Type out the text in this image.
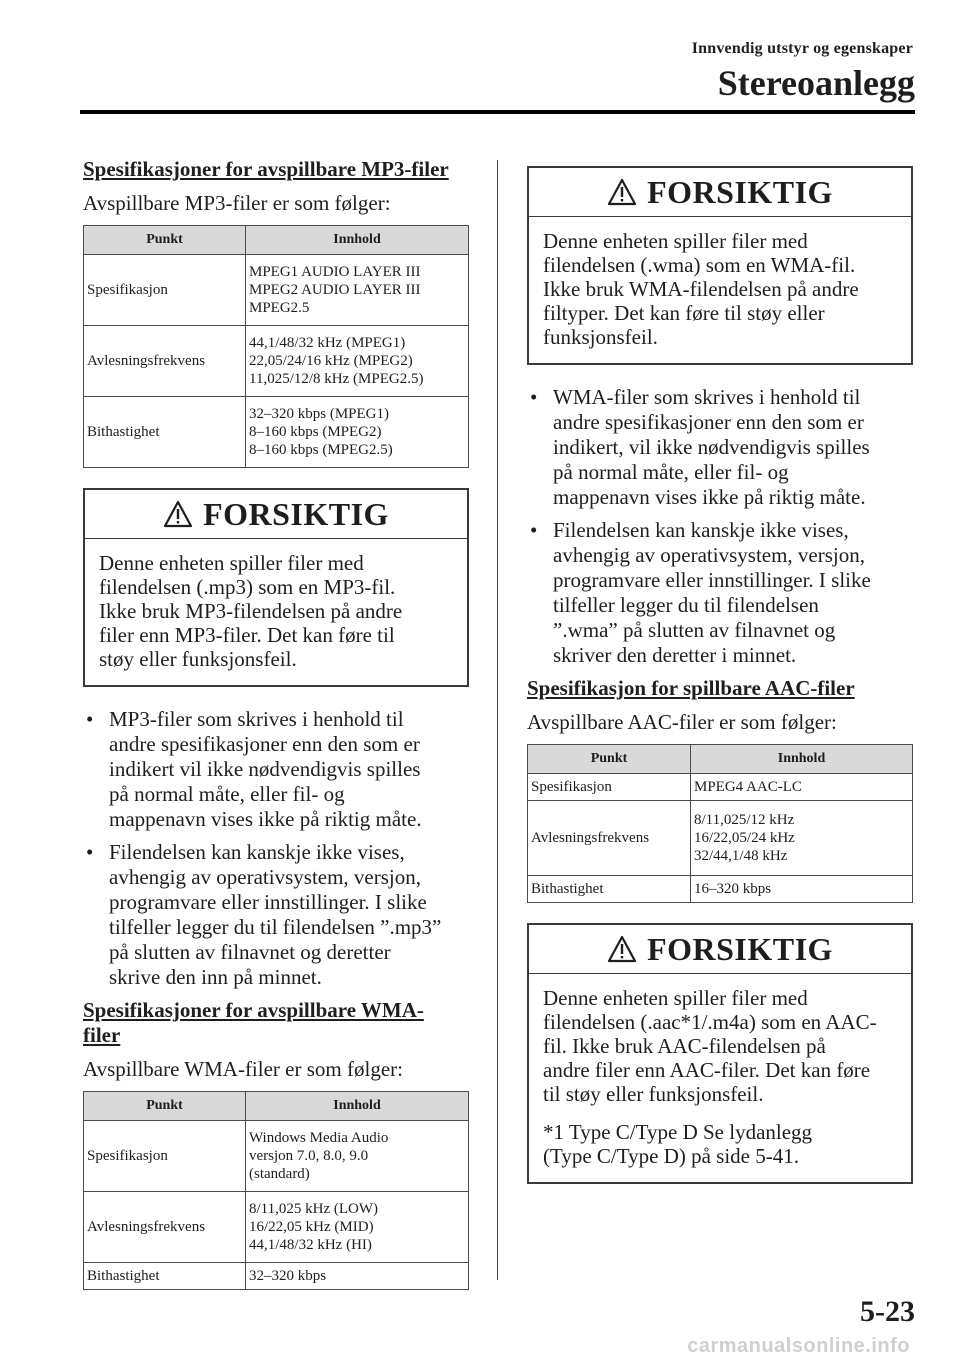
Innvendig utstyr og egenskaper
Stereoanlegg
Spesifikasjoner for avspillbare MP3-filer
Avspillbare MP3-filer er som følger:
Punkt	Innhold
Spesifikasjon	MPEG1 AUDIO LAYER III
MPEG2 AUDIO LAYER III
MPEG2.5

Avlesningsfrekvens	44,1/48/32 kHz (MPEG1)
22,05/24/16 kHz (MPEG2)
11,025/12/8 kHz (MPEG2.5)

Bithastighet	32–320 kbps (MPEG1)
8–160 kbps (MPEG2)
8–160 kbps (MPEG2.5)
FORSIKTIG
Denne enheten spiller filer med
filendelsen (.mp3) som en MP3-fil.
Ikke bruk MP3-filendelsen på andre
filer enn MP3-filer. Det kan føre til
støy eller funksjonsfeil.
• MP3-filer som skrives i henhold til
andre spesifikasjoner enn den som er
indikert vil ikke nødvendigvis spilles
på normal måte, eller fil- og
mappenavn vises ikke på riktig måte.
• Filendelsen kan kanskje ikke vises,
avhengig av operativsystem, versjon,
programvare eller innstillinger. I slike
tilfeller legger du til filendelsen ”.mp3”
på slutten av filnavnet og deretter
skrive den inn på minnet.
Spesifikasjoner for avspillbare WMA-
filer
Avspillbare WMA-filer er som følger:
Punkt	Innhold
Spesifikasjon	Windows Media Audio
versjon 7.0, 8.0, 9.0
(standard)

Avlesningsfrekvens	8/11,025 kHz (LOW)
16/22,05 kHz (MID)
44,1/48/32 kHz (HI)

Bithastighet	32–320 kbps
FORSIKTIG
Denne enheten spiller filer med
filendelsen (.wma) som en WMA-fil.
Ikke bruk WMA-filendelsen på andre
filtyper. Det kan føre til støy eller
funksjonsfeil.
• WMA-filer som skrives i henhold til
andre spesifikasjoner enn den som er
indikert, vil ikke nødvendigvis spilles
på normal måte, eller fil- og
mappenavn vises ikke på riktig måte.
• Filendelsen kan kanskje ikke vises,
avhengig av operativsystem, versjon,
programvare eller innstillinger. I slike
tilfeller legger du til filendelsen
”.wma” på slutten av filnavnet og
skriver den deretter i minnet.
Spesifikasjon for spillbare AAC-filer
Avspillbare AAC-filer er som følger:
Punkt	Innhold
Spesifikasjon	MPEG4 AAC-LC

Avlesningsfrekvens	8/11,025/12 kHz
16/22,05/24 kHz
32/44,1/48 kHz

Bithastighet	16–320 kbps
FORSIKTIG
Denne enheten spiller filer med
filendelsen (.aac*1/.m4a) som en AAC-
fil. Ikke bruk AAC-filendelsen på
andre filer enn AAC-filer. Det kan føre
til støy eller funksjonsfeil.
*1 Type C/Type D Se lydanlegg
(Type C/Type D) på side 5-41.
5-23
carmanualsonline.info
